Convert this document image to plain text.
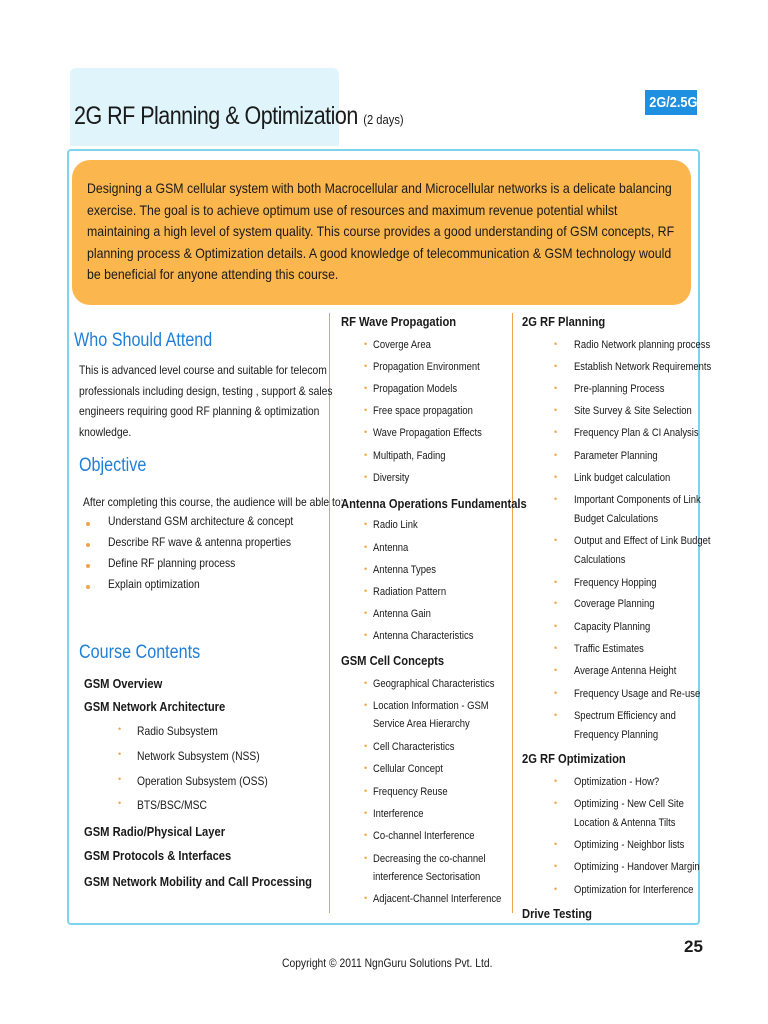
2G RF Planning & Optimization (2 days)
2G/2.5G

Designing a GSM cellular system with both Macrocellular and Microcellular networks is a delicate balancing exercise. The goal is to achieve optimum use of resources and maximum revenue potential whilst maintaining a high level of system quality. This course provides a good understanding of GSM concepts, RF planning process & Optimization details. A good knowledge of telecommunication & GSM technology would be beneficial for anyone attending this course.

Who Should Attend
This is advanced level course and suitable for telecom professionals including design, testing , support & sales engineers requiring good RF planning & optimization knowledge.
Objective
After completing this course, the audience will be able to:
Understand GSM architecture & concept
Describe RF wave & antenna properties
Define RF planning process
Explain optimization
Course Contents
GSM Overview
GSM Network Architecture
Radio Subsystem
•
Network Subsystem (NSS)
•
Operation Subsystem (OSS)
•
BTS/BSC/MSC
•
GSM Radio/Physical Layer
GSM Protocols & Interfaces
GSM Network Mobility and Call Processing
RF Wave Propagation
Coverge Area
•
Propagation Environment
•
Propagation Models
•
Free space propagation
•
Wave Propagation Effects
•
Multipath, Fading
•
Diversity
•
Antenna Operations Fundamentals
Radio Link
•
Antenna
•
Antenna Types
•
Radiation Pattern
•
Antenna Gain
•
Antenna Characteristics
•
GSM Cell Concepts
Geographical Characteristics
•
Location Information - GSM
•
Service Area Hierarchy
Cell Characteristics
•
Cellular Concept
•
Frequency Reuse
•
Interference
•
Co-channel Interference
•
Decreasing the co-channel
•
interference Sectorisation
Adjacent-Channel Interference
•
2G RF Planning
Radio Network planning process
•
Establish Network Requirements
•
Pre-planning Process
•
Site Survey & Site Selection
•
Frequency Plan & CI Analysis
•
Parameter Planning
•
Link budget calculation
•
Important Components of Link
•
Budget Calculations
Output and Effect of Link Budget
•
Calculations
Frequency Hopping
•
Coverage Planning
•
Capacity Planning
•
Traffic Estimates
•
Average Antenna Height
•
Frequency Usage and Re-use
•
Spectrum Efficiency and
•
Frequency Planning
2G RF Optimization
Optimization - How?
•
Optimizing - New Cell Site
•
Location & Antenna Tilts
Optimizing - Neighbor lists
•
Optimizing - Handover Margin
•
Optimization for Interference
•
Drive Testing
Copyright © 2011 NgnGuru Solutions Pvt. Ltd.
25
